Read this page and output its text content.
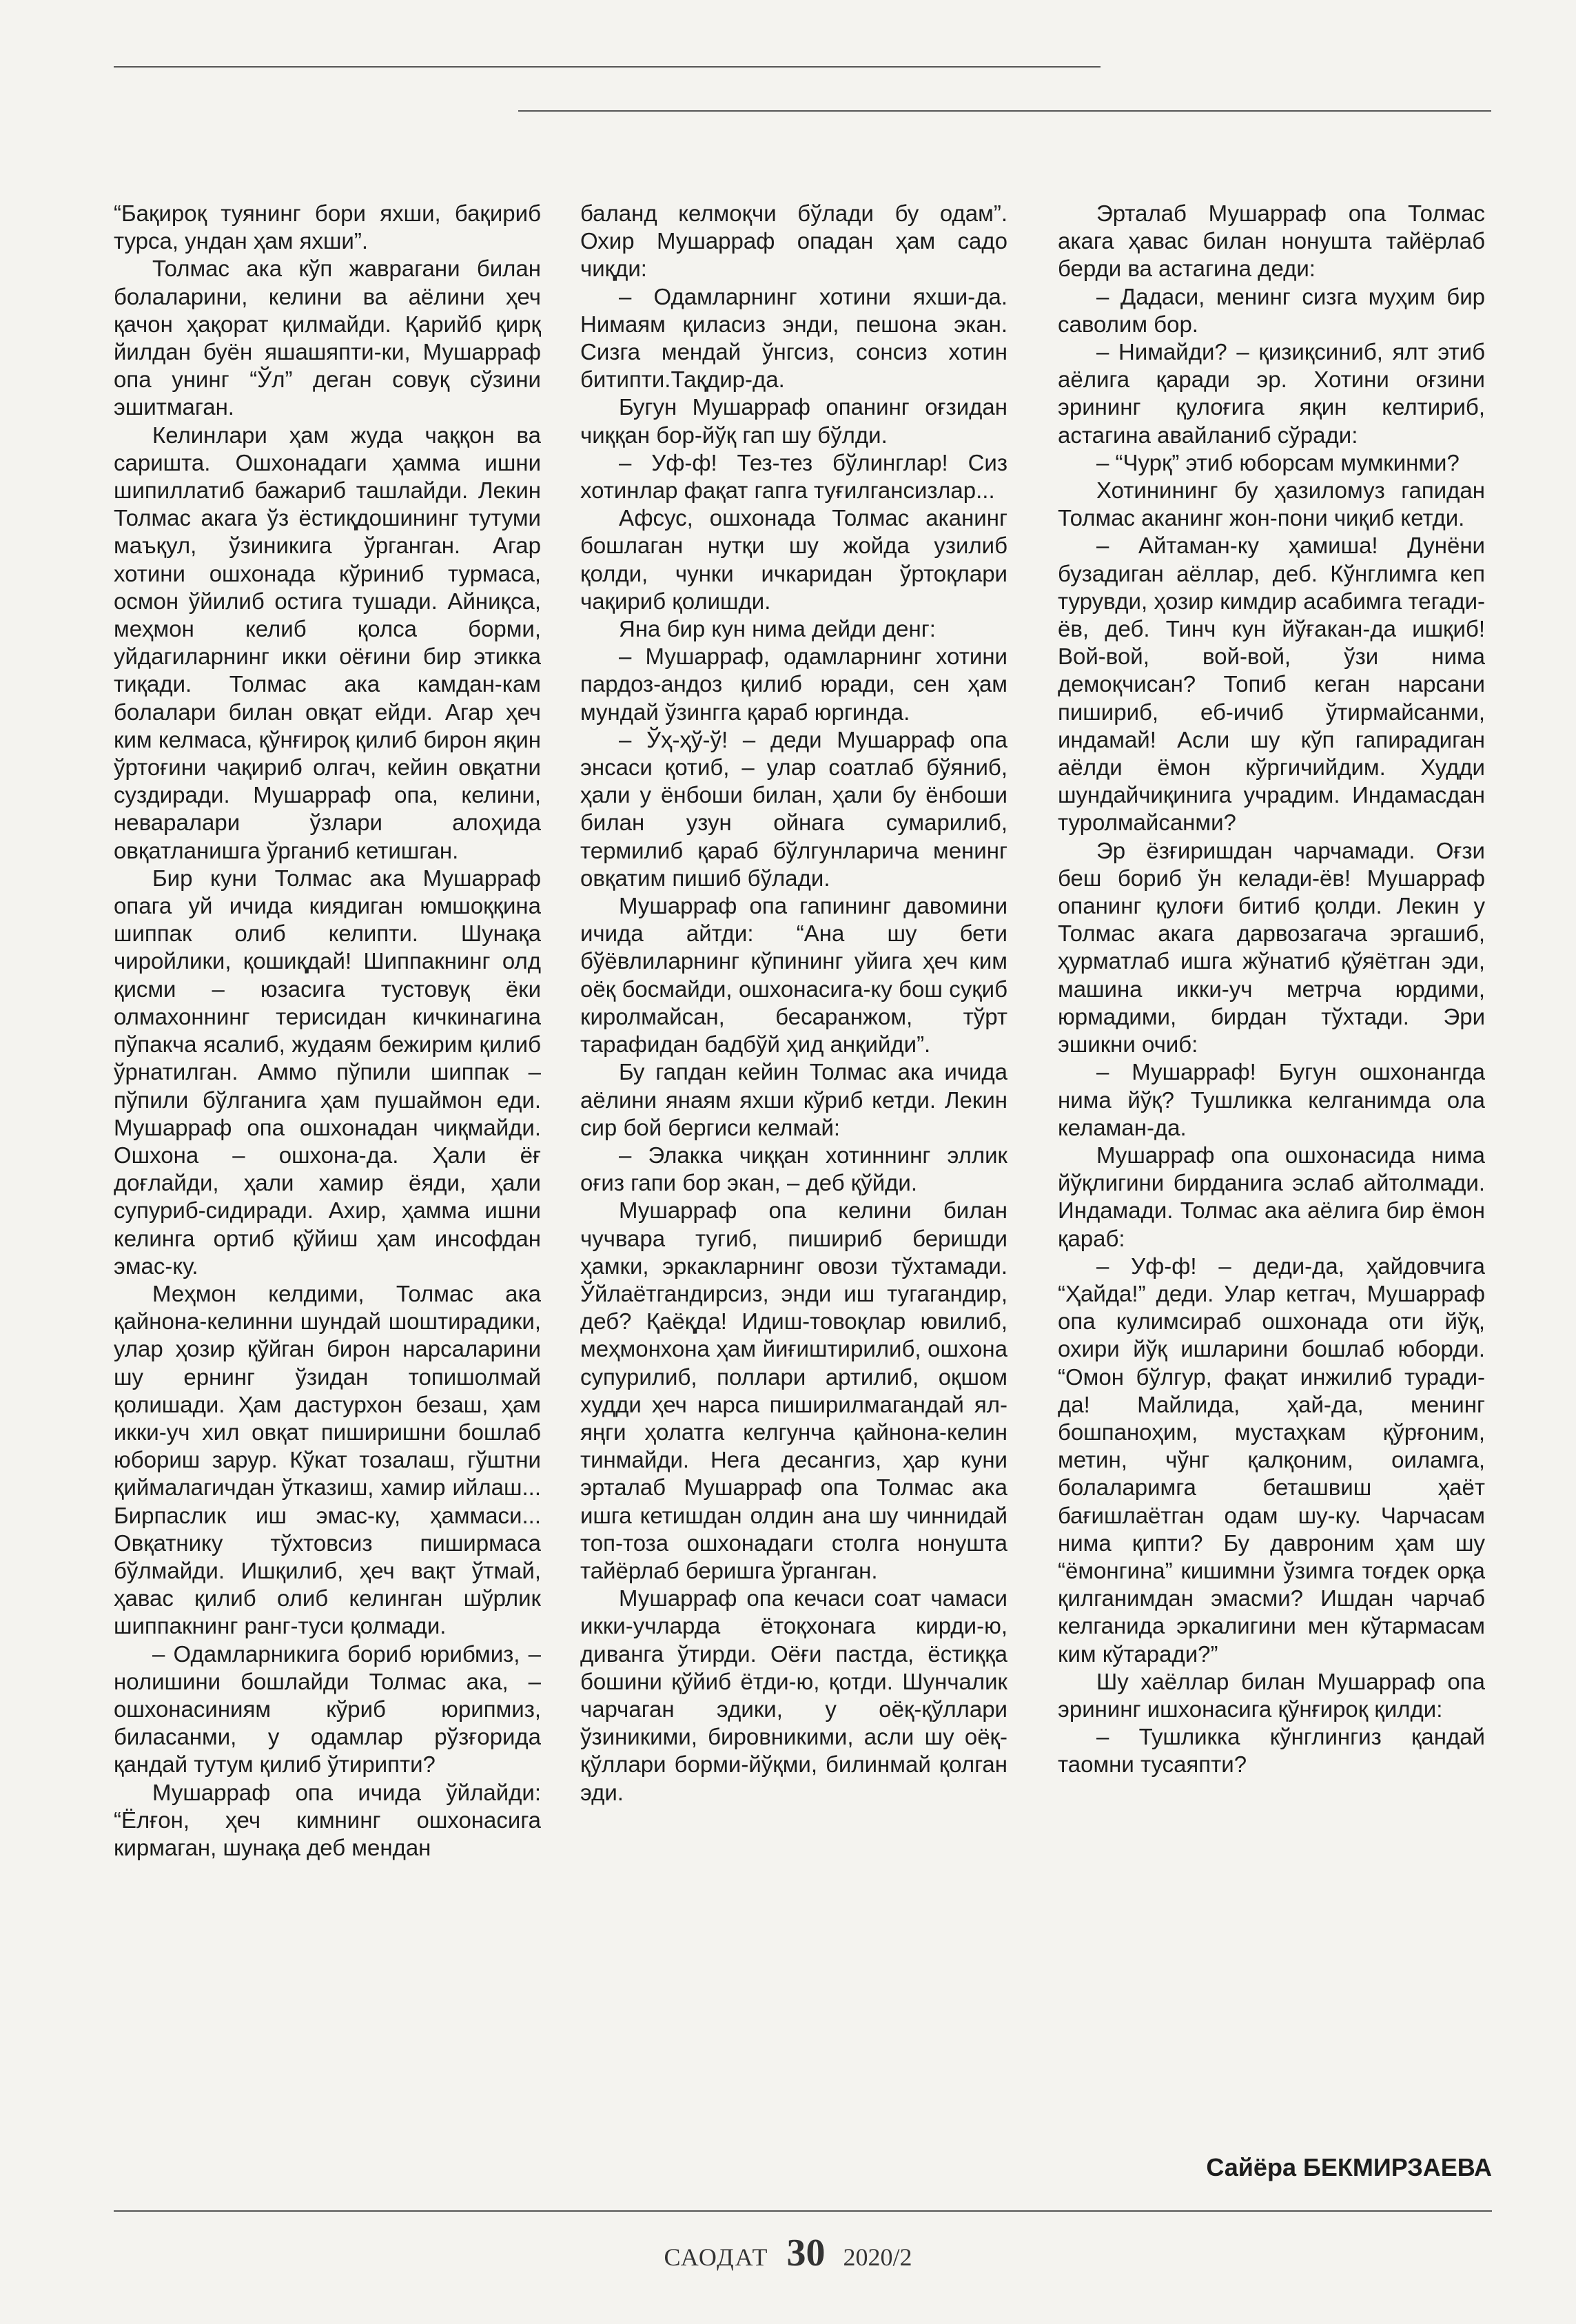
“Бақироқ туянинг бори яхши, бақириб турса, ундан ҳам яхши”.

Толмас ака кўп жаврагани билан болаларини, келини ва аёлини ҳеч қачон ҳақорат қилмайди. Қарийб қирқ йилдан буён яшашяпти-ки, Мушарраф опа унинг “Ўл” деган совуқ сўзини эшитмаган.

Келинлари ҳам жуда чаққон ва саришта. Ошхонадаги ҳамма ишни шипиллатиб бажариб ташлайди. Лекин Толмас акага ўз ёстиқдошининг тутуми маъқул, ўзиникига ўрганган. Агар хотини ошхонада кўриниб турмаса, осмон ўйилиб остига тушади. Айниқса, меҳмон келиб қолса борми, уйдагиларнинг икки оёғини бир этикка тиқади. Толмас ака камдан-кам болалари билан овқат ейди. Агар ҳеч ким келмаса, қўнғироқ қилиб бирон яқин ўртоғини чақириб олгач, кейин овқатни суздиради. Мушарраф опа, келини, неваралари ўзлари алоҳида овқатланишга ўрганиб кетишган.

Бир куни Толмас ака Мушарраф опага уй ичида киядиган юмшоққина шиппак олиб келипти. Шунақа чиройлики, қошиқдай! Шиппакнинг олд қисми – юзасига тустовуқ ёки олмахоннинг терисидан кичкинагина пўпакча ясалиб, жудаям бежирим қилиб ўрнатилган. Аммо пўпили шиппак – пўпили бўлганига ҳам пушаймон еди. Мушарраф опа ошхонадан чиқмайди. Ошхона – ошхона-да. Ҳали ёғ доғлайди, ҳали хамир ёяди, ҳали супуриб-сидиради. Ахир, ҳамма ишни келинга ортиб қўйиш ҳам инсофдан эмас-ку.

Меҳмон келдими, Толмас ака қайнона-келинни шундай шоштирадики, улар ҳозир қўйган бирон нарсаларини шу ернинг ўзидан топишолмай қолишади. Ҳам дастурхон безаш, ҳам икки-уч хил овқат пиширишни бошлаб юбориш зарур. Кўкат тозалаш, гўштни қиймалагичдан ўтказиш, хамир ийлаш... Бирпаслик иш эмас-ку, ҳаммаси... Овқатнику тўхтовсиз пиширмаса бўлмайди. Ишқилиб, ҳеч вақт ўтмай, ҳавас қилиб олиб келинган шўрлик шиппакнинг ранг-туси қолмади.

– Одамларникига бориб юрибмиз, – нолишини бошлайди Толмас ака, – ошхонасиниям кўриб юрипмиз, биласанми, у одамлар рўзғорида қандай тутум қилиб ўтирипти?

Мушарраф опа ичида ўйлайди: “Ёлғон, ҳеч кимнинг ошхонасига кирмаган, шунақа деб мендан

баланд келмоқчи бўлади бу одам”. Охир Мушарраф опадан ҳам садо чиқди:

– Одамларнинг хотини яхши-да. Нимаям қиласиз энди, пешона экан. Сизга мендай ўнгсиз, сонсиз хотин битипти.Тақдир-да.

Бугун Мушарраф опанинг оғзидан чиққан бор-йўқ гап шу бўлди.

– Уф-ф! Тез-тез бўлинглар! Сиз хотинлар фақат гапга туғилгансизлар...

Афсус, ошхонада Толмас аканинг бошлаган нутқи шу жойда узилиб қолди, чунки ичкаридан ўртоқлари чақириб қолишди.

Яна бир кун нима дейди денг:

– Мушарраф, одамларнинг хотини пардоз-андоз қилиб юради, сен ҳам мундай ўзингга қараб юргинда.

– Ўҳ-ҳў-ў! – деди Мушарраф опа энсаси қотиб, – улар соатлаб бўяниб, ҳали у ёнбоши билан, ҳали бу ёнбоши билан узун ойнага сумарилиб, термилиб қараб бўлгунларича менинг овқатим пишиб бўлади.

Мушарраф опа гапининг давомини ичида айтди: “Ана шу бети бўёвлиларнинг кўпининг уйига ҳеч ким оёқ босмайди, ошхонасига-ку бош суқиб киролмайсан, бесаранжом, тўрт тарафидан бадбўй ҳид анқийди”.

Бу гапдан кейин Толмас ака ичида аёлини янаям яхши кўриб кетди. Лекин сир бой бергиси келмай:

– Элакка чиққан хотиннинг эллик оғиз гапи бор экан, – деб қўйди.

Мушарраф опа келини билан чучвара тугиб, пишириб беришди ҳамки, эркакларнинг овози тўхтамади. Ўйлаётгандирсиз, энди иш тугагандир, деб? Қаёқда! Идиш-товоқлар ювилиб, меҳмонхона ҳам йиғиштирилиб, ошхона супурилиб, поллари артилиб, оқшом худди ҳеч нарса пиширилмагандай ял-яңги ҳолатга келгунча қайнона-келин тинмайди. Нега десангиз, ҳар куни эрталаб Мушарраф опа Толмас ака ишга кетишдан олдин ана шу чиннидай топ-тоза ошхонадаги столга нонушта тайёрлаб беришга ўрганган.

Мушарраф опа кечаси соат чамаси икки-учларда ётоқхонага кирди-ю, диванга ўтирди. Оёғи пастда, ёстиққа бошини қўйиб ётди-ю, қотди. Шунчалик чарчаган эдики, у оёқ-қўллари ўзиникими, бировникими, асли шу оёқ-қўллари борми-йўқми, билинмай қолган эди.

Эрталаб Мушарраф опа Толмас акага ҳавас билан нонушта тайёрлаб берди ва астагина деди:

– Дадаси, менинг сизга муҳим бир саволим бор.

– Нимайди? – қизиқсиниб, ялт этиб аёлига қаради эр. Хотини оғзини эрининг қулоғига яқин келтириб, астагина авайланиб сўради:

– “Чурқ” этиб юборсам мумкинми?

Хотинининг бу ҳазиломуз гапидан Толмас аканинг жон-пони чиқиб кетди.

– Айтаман-ку ҳамиша! Дунёни бузадиган аёллар, деб. Кўнглимга кеп турувди, ҳозир кимдир асабимга тегади-ёв, деб. Тинч кун йўғакан-да ишқиб! Вой-вой, вой-вой, ўзи нима демоқчисан? Топиб кеган нарсани пишириб, еб-ичиб ўтирмайсанми, индамай! Асли шу кўп гапирадиган аёлди ёмон кўргичийдим. Худди шундайчиқинига учрадим. Индамасдан туролмайсанми?

Эр ёзғиришдан чарчамади. Оғзи беш бориб ўн келади-ёв! Мушарраф опанинг қулоғи битиб қолди. Лекин у Толмас акага дарвозагача эргашиб, ҳурматлаб ишга жўнатиб қўяётган эди, машина икки-уч метрча юрдими, юрмадими, бирдан тўхтади. Эри эшикни очиб:

– Мушарраф! Бугун ошхонангда нима йўқ? Тушликка келганимда ола келаман-да.

Мушарраф опа ошхонасида нима йўқлигини бирданига эслаб айтолмади. Индамади. Толмас ака аёлига бир ёмон қараб:

– Уф-ф! – деди-да, ҳайдовчига “Ҳайда!” деди. Улар кетгач, Мушарраф опа кулимсираб ошхонада оти йўқ, охири йўқ ишларини бошлаб юборди. “Омон бўлгур, фақат инжилиб туради-да! Майлида, ҳай-да, менинг бошпаноҳим, мустаҳкам қўрғоним, метин, чўнг қалқоним, оиламга, болаларимга беташвиш ҳаёт бағишлаётган одам шу-ку. Чарчасам нима қипти? Бу давроним ҳам шу “ёмонгина” кишимни ўзимга тоғдек орқа қилганимдан эмасми? Ишдан чарчаб келганида эркалигини мен кўтармасам ким кўтаради?”

Шу хаёллар билан Мушарраф опа эрининг ишхонасига қўнғироқ қилди:

– Тушликка кўнглингиз қандай таомни тусаяпти?

Сайёра БЕКМИРЗАЕВА
САОДАТ 30 2020/2
